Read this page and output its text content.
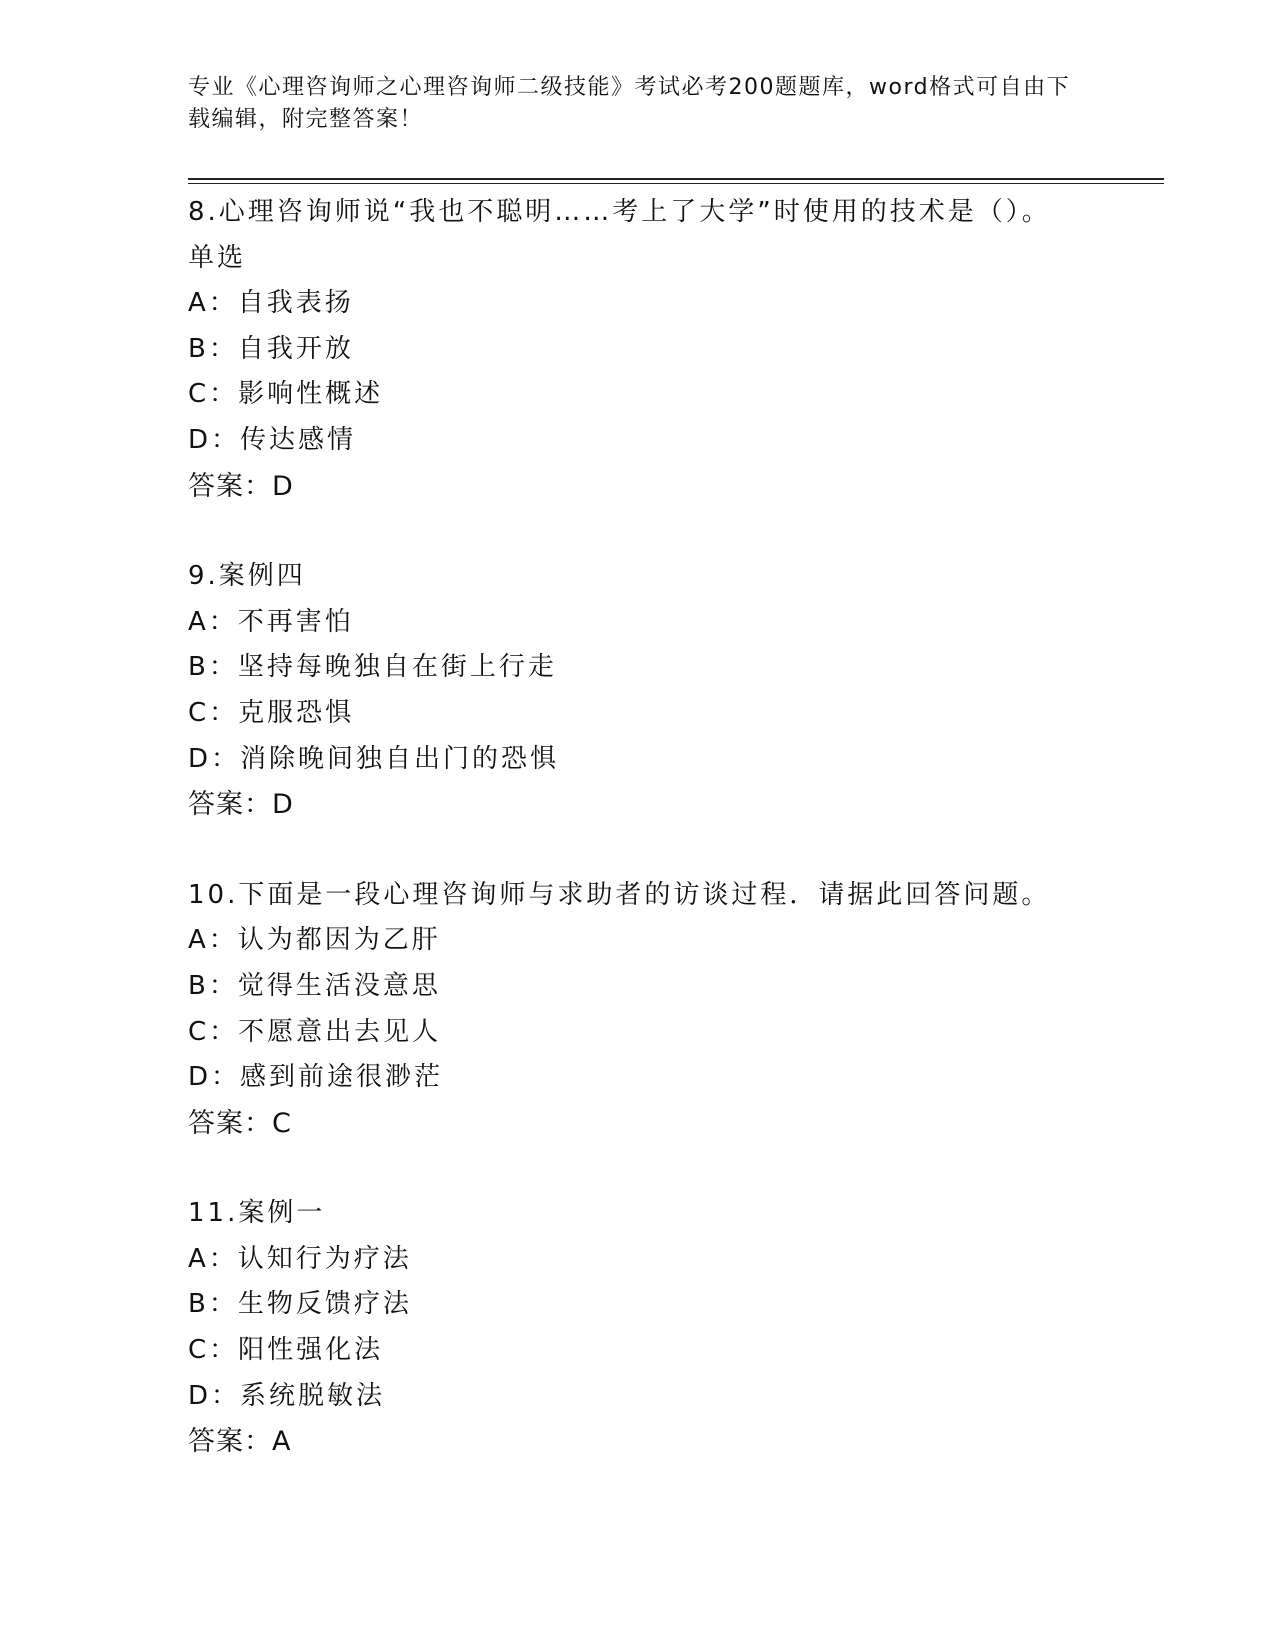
专业《心理咨询师之心理咨询师二级技能》考试必考200题题库，word格式可自由下载编辑，附完整答案！
8.心理咨询师说“我也不聪明……考上了大学”时使用的技术是（）。单选
A：自我表扬
B：自我开放
C：影响性概述
D：传达感情
答案：D
9.案例四
A：不再害怕
B：坚持每晚独自在街上行走
C：克服恐惧
D：消除晚间独自出门的恐惧
答案：D
10.下面是一段心理咨询师与求助者的访谈过程．请据此回答问题。
A：认为都因为乙肝
B：觉得生活没意思
C：不愿意出去见人
D：感到前途很渺茫
答案：C
11.案例一
A：认知行为疗法
B：生物反馈疗法
C：阳性强化法
D：系统脱敏法
答案：A
